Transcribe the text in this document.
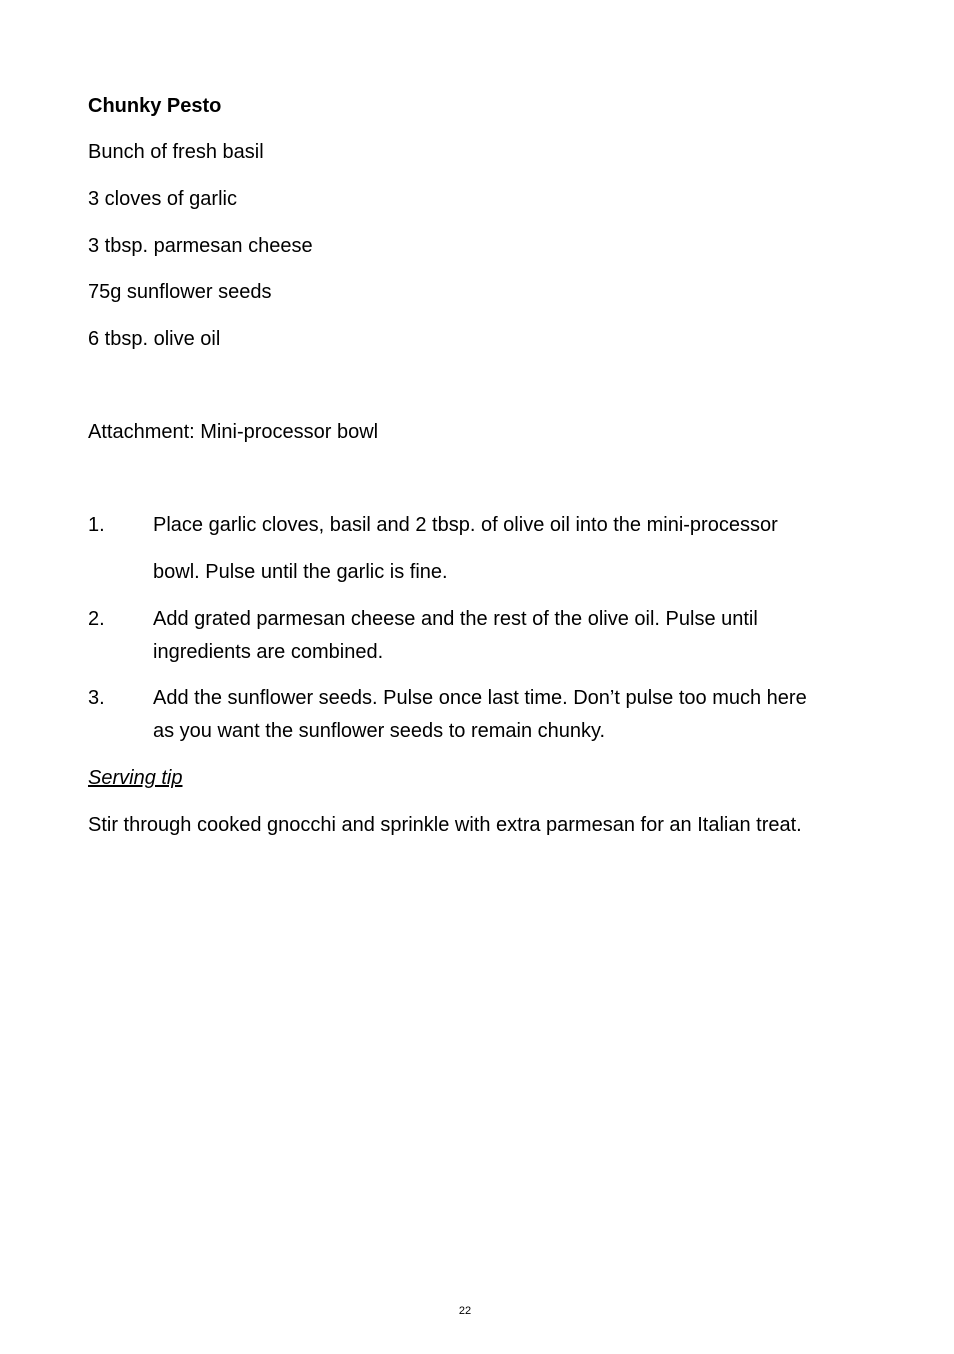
Chunky Pesto
Bunch of fresh basil
3 cloves of garlic
3 tbsp. parmesan cheese
75g sunflower seeds
6 tbsp. olive oil
Attachment: Mini-processor bowl
1. Place garlic cloves, basil and 2 tbsp. of olive oil into the mini-processor
bowl. Pulse until the garlic is fine.
2. Add grated parmesan cheese and the rest of the olive oil. Pulse until
ingredients are combined.
3. Add the sunflower seeds. Pulse once last time. Don’t pulse too much here
as you want the sunflower seeds to remain chunky.
Serving tip
Stir through cooked gnocchi and sprinkle with extra parmesan for an Italian treat.
22
